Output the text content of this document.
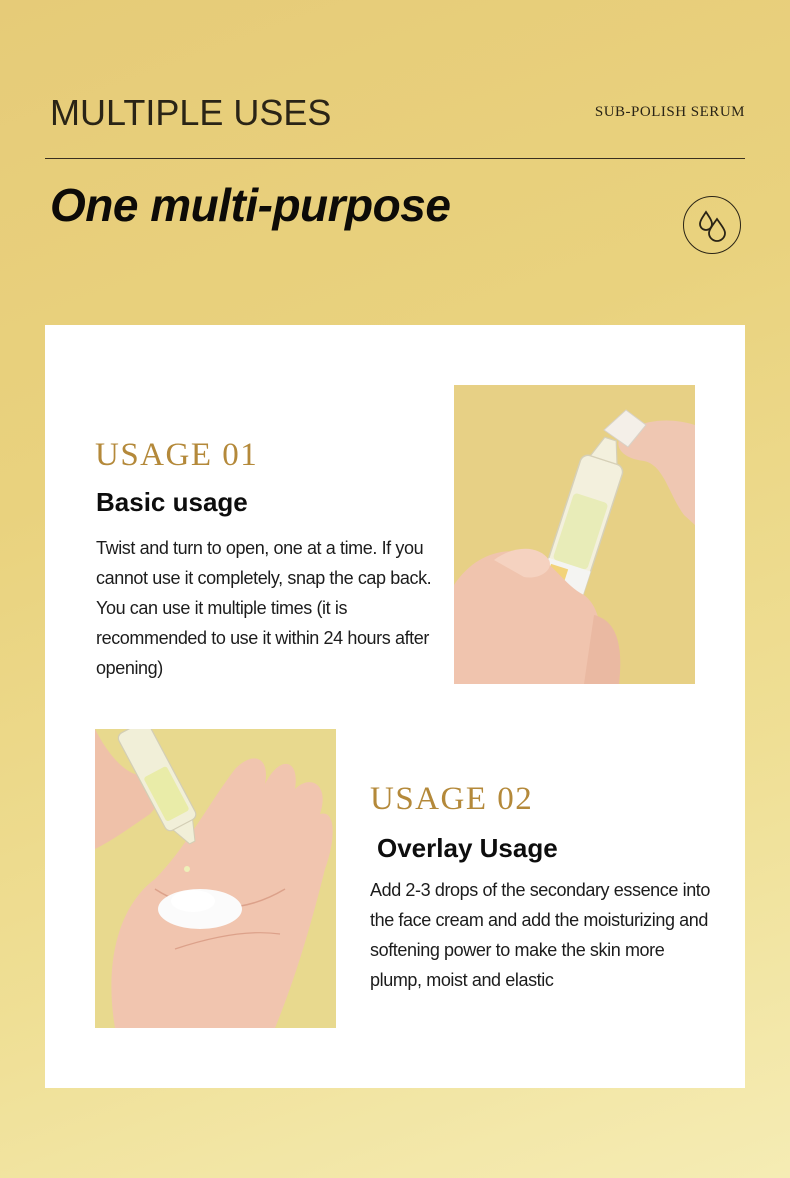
MULTIPLE USES	SUB-POLISH SERUM
One multi-purpose
USAGE 01
Basic usage

Twist and turn to open, one at a time. If you cannot use it completely, snap the cap back. You can use it multiple times (it is recommended to use it within 24 hours after opening)

USAGE 02
Overlay Usage

Add 2-3 drops of the secondary essence into the face cream and add the moisturizing and softening power to make the skin more plump, moist and elastic
